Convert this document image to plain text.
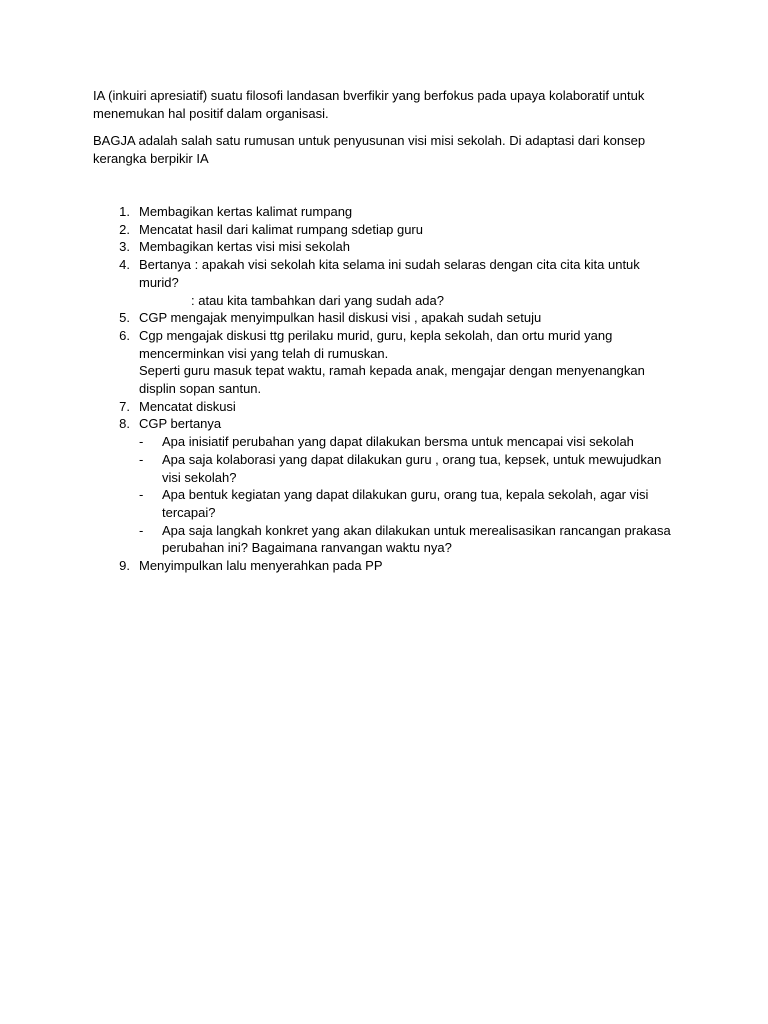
IA (inkuiri apresiatif) suatu filosofi landasan bverfikir yang berfokus pada upaya kolaboratif untuk menemukan hal positif dalam organisasi.

BAGJA adalah salah satu rumusan untuk penyusunan visi misi sekolah. Di adaptasi dari konsep kerangka berpikir IA

1. Membagikan kertas kalimat rumpang
2. Mencatat hasil dari kalimat rumpang sdetiap guru
3. Membagikan kertas visi misi sekolah
4. Bertanya : apakah visi sekolah kita selama ini sudah selaras dengan cita cita kita untuk murid?
: atau kita tambahkan dari yang sudah ada?
5. CGP mengajak menyimpulkan hasil diskusi visi , apakah sudah setuju
6. Cgp mengajak diskusi ttg perilaku murid, guru, kepla sekolah, dan ortu murid yang mencerminkan visi yang telah di rumuskan.
Seperti guru masuk tepat waktu, ramah kepada anak, mengajar dengan menyenangkan displin sopan santun.
7. Mencatat diskusi
8. CGP bertanya
- Apa inisiatif perubahan yang dapat dilakukan bersma untuk mencapai visi sekolah
- Apa saja kolaborasi yang dapat dilakukan guru , orang tua, kepsek, untuk mewujudkan visi sekolah?
- Apa bentuk kegiatan yang dapat dilakukan guru, orang tua, kepala sekolah, agar visi tercapai?
- Apa saja langkah konkret yang akan dilakukan untuk merealisasikan rancangan prakasa perubahan ini? Bagaimana ranvangan waktu nya?
9. Menyimpulkan lalu menyerahkan pada PP
